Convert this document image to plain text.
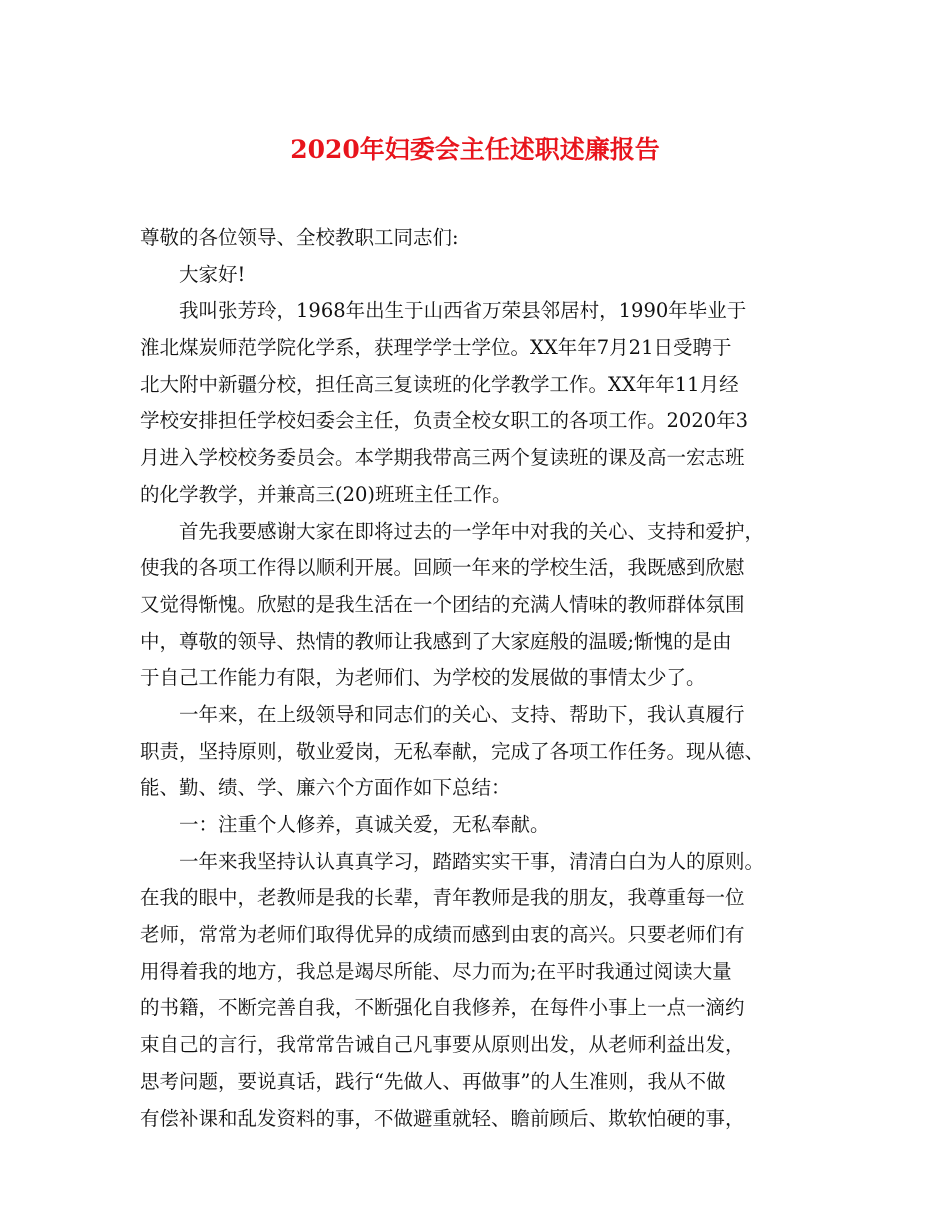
2020年妇委会主任述职述廉报告
尊敬的各位领导、全校教职工同志们:
大家好!
我叫张芳玲，1968年出生于山西省万荣县邻居村，1990年毕业于
淮北煤炭师范学院化学系，获理学学士学位。XX年年7月21日受聘于
北大附中新疆分校，担任高三复读班的化学教学工作。XX年年11月经
学校安排担任学校妇委会主任，负责全校女职工的各项工作。2020年3
月进入学校校务委员会。本学期我带高三两个复读班的课及高一宏志班
的化学教学，并兼高三(20)班班主任工作。
首先我要感谢大家在即将过去的一学年中对我的关心、支持和爱护，
使我的各项工作得以顺利开展。回顾一年来的学校生活，我既感到欣慰
又觉得惭愧。欣慰的是我生活在一个团结的充满人情味的教师群体氛围
中，尊敬的领导、热情的教师让我感到了大家庭般的温暖;惭愧的是由
于自己工作能力有限，为老师们、为学校的发展做的事情太少了。
一年来，在上级领导和同志们的关心、支持、帮助下，我认真履行
职责，坚持原则，敬业爱岗，无私奉献，完成了各项工作任务。现从德、
能、勤、绩、学、廉六个方面作如下总结：
一：注重个人修养，真诚关爱，无私奉献。
一年来我坚持认认真真学习，踏踏实实干事，清清白白为人的原则。
在我的眼中，老教师是我的长辈，青年教师是我的朋友，我尊重每一位
老师，常常为老师们取得优异的成绩而感到由衷的高兴。只要老师们有
用得着我的地方，我总是竭尽所能、尽力而为;在平时我通过阅读大量
的书籍，不断完善自我，不断强化自我修养，在每件小事上一点一滴约
束自己的言行，我常常告诫自己凡事要从原则出发，从老师利益出发，
思考问题，要说真话，践行“先做人、再做事”的人生准则，我从不做
有偿补课和乱发资料的事，不做避重就轻、瞻前顾后、欺软怕硬的事，
